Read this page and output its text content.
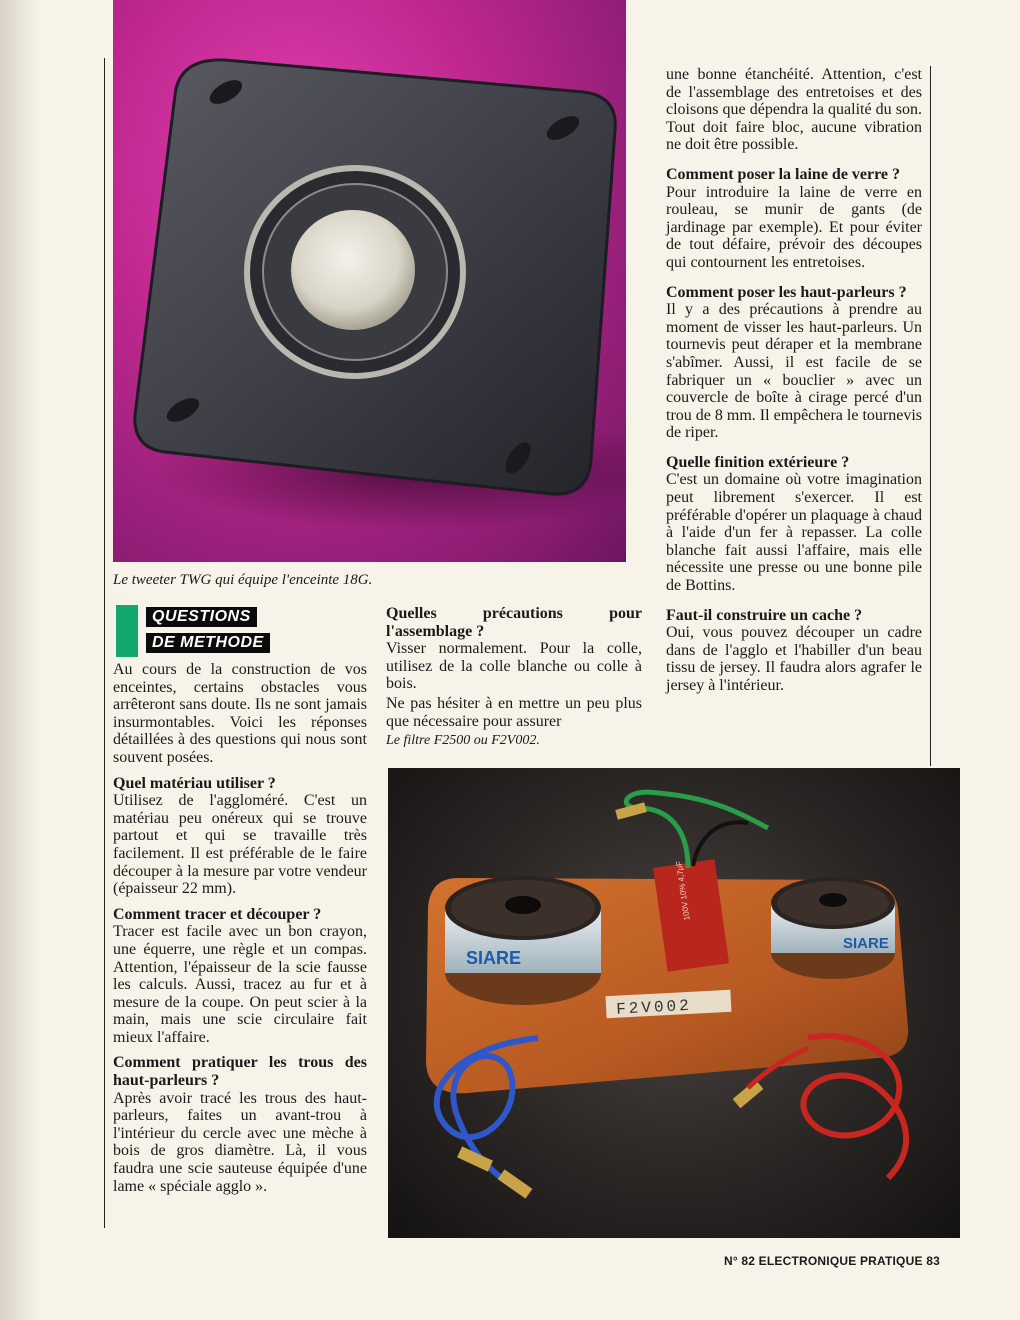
Le tweeter TWG qui équipe l'enceinte 18G.
QUESTIONS
DE METHODE

Au cours de la construction de vos enceintes, certains obstacles vous arrêteront sans doute. Ils ne sont jamais insurmontables. Voici les réponses détaillées à des questions qui nous sont souvent posées.

Quel matériau utiliser ?

Utilisez de l'aggloméré. C'est un matériau peu onéreux qui se trouve partout et qui se travaille très facilement. Il est préférable de le faire découper à la mesure par votre vendeur (épaisseur 22 mm).

Comment tracer et découper ?

Tracer est facile avec un bon crayon, une équerre, une règle et un compas. Attention, l'épaisseur de la scie fausse les calculs. Aussi, tracez au fur et à mesure de la coupe. On peut scier à la main, mais une scie circulaire fait mieux l'affaire.

Comment pratiquer les trous des haut-parleurs ?

Après avoir tracé les trous des haut-parleurs, faites un avant-trou à l'intérieur du cercle avec une mèche à bois de gros diamètre. Là, il vous faudra une scie sauteuse équipée d'une lame « spéciale agglo ».

Quelles précautions pour l'assemblage ?

Visser normalement. Pour la colle, utilisez de la colle blanche ou colle à bois.

Ne pas hésiter à en mettre un peu plus que nécessaire pour assurer

Le filtre F2500 ou F2V002.

une bonne étanchéité. Attention, c'est de l'assemblage des entretoises et des cloisons que dépendra la qualité du son. Tout doit faire bloc, aucune vibration ne doit être possible.

Comment poser la laine de verre ?

Pour introduire la laine de verre en rouleau, se munir de gants (de jardinage par exemple). Et pour éviter de tout défaire, prévoir des découpes qui contournent les entretoises.

Comment poser les haut-parleurs ?

Il y a des précautions à prendre au moment de visser les haut-parleurs. Un tournevis peut déraper et la membrane s'abîmer. Aussi, il est facile de se fabriquer un « bouclier » avec un couvercle de boîte à cirage percé d'un trou de 8 mm. Il empêchera le tournevis de riper.

Quelle finition extérieure ?

C'est un domaine où votre imagination peut librement s'exercer. Il est préférable d'opérer un plaquage à chaud à l'aide d'un fer à repasser. La colle blanche fait aussi l'affaire, mais elle nécessite une presse ou une bonne pile de Bottins.

Faut-il construire un cache ?

Oui, vous pouvez découper un cadre dans de l'agglo et l'habiller d'un beau tissu de jersey. Il faudra alors agrafer le jersey à l'intérieur.

SIARE
SIARE
100V 10% 4,7µF
F2V002
N° 82 ELECTRONIQUE PRATIQUE 83
